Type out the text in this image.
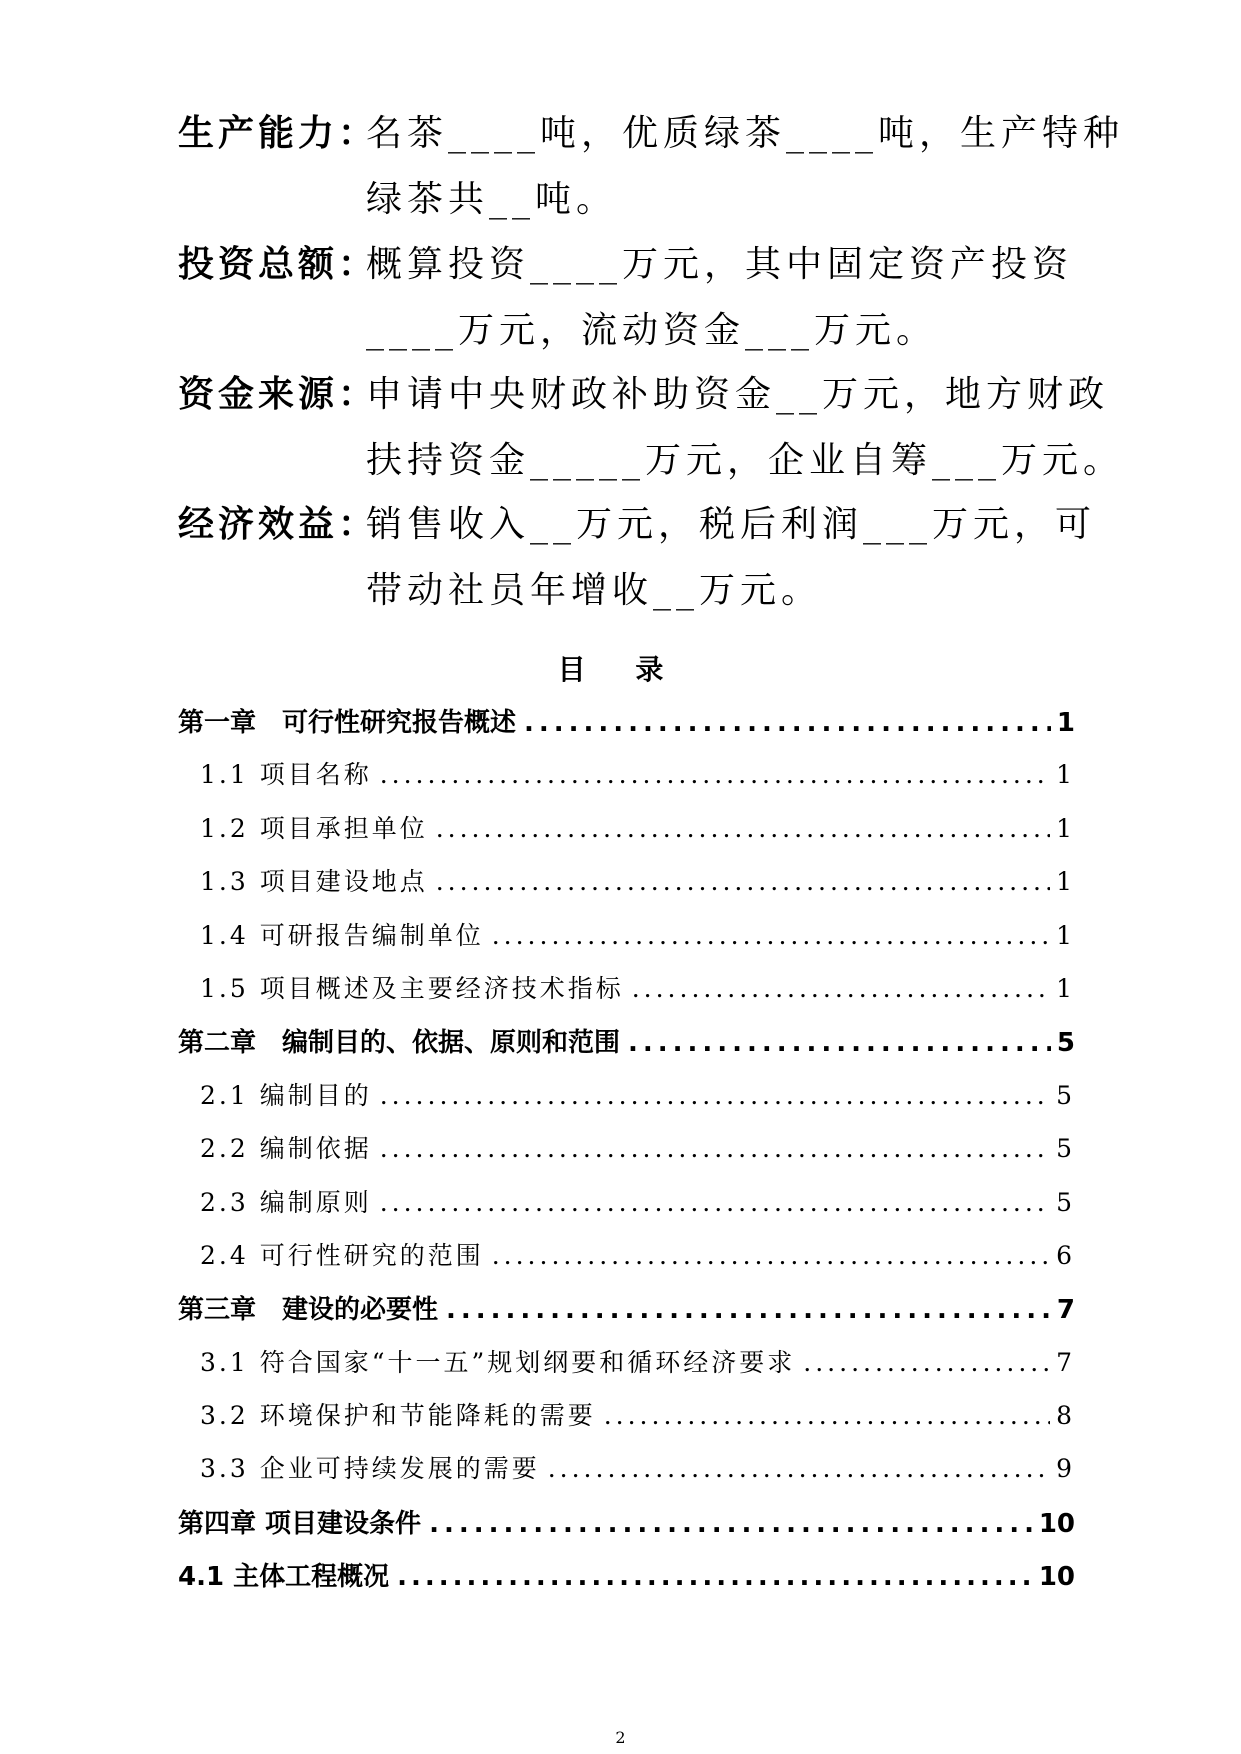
生产能力：
名茶____吨，优质绿茶____吨，生产特种绿茶共__吨。
投资总额：
概算投资____万元，其中固定资产投资____万元，流动资金___万元。
资金来源：
申请中央财政补助资金__万元，地方财政扶持资金_____万元，企业自筹___万元。
经济效益：
销售收入__万元，税后利润___万元，可带动社员年增收__万元。
目 录
第一章　可行性研究报告概述 .....	1
1.1 项目名称 .....	1
1.2 项目承担单位 .....	1
1.3 项目建设地点 .....	1
1.4 可研报告编制单位 .....	1
1.5 项目概述及主要经济技术指标 .....	1
第二章　编制目的、依据、原则和范围 .....	5
2.1 编制目的 .....	5
2.2 编制依据 .....	5
2.3 编制原则 .....	5
2.4 可行性研究的范围 .....	6
第三章　建设的必要性 .....	7
3.1 符合国家“十一五”规划纲要和循环经济要求 .....	7
3.2 环境保护和节能降耗的需要 .....	8
3.3 企业可持续发展的需要 .....	9
第四章 项目建设条件 .....	10
4.1 主体工程概况 .....	10
2
